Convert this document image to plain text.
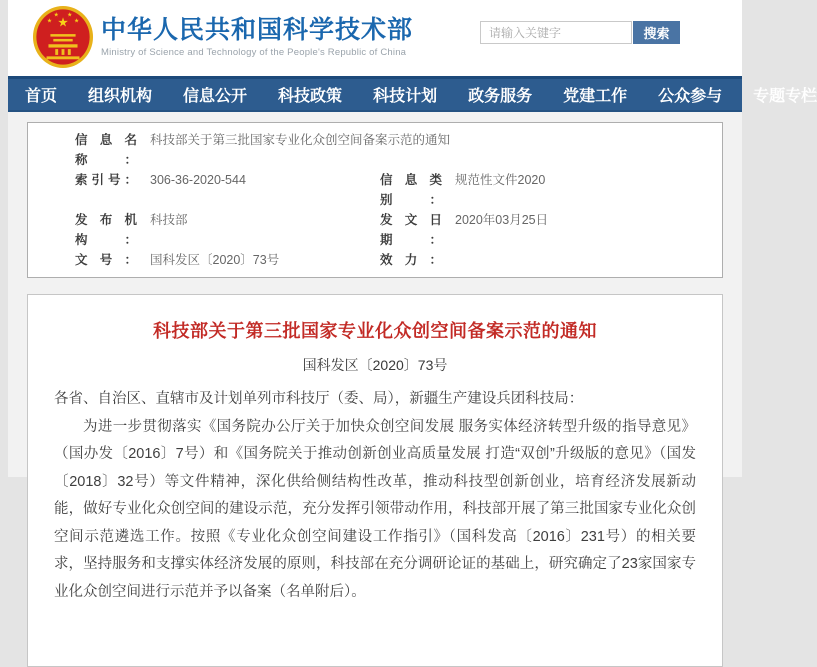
★
★
★ ★
★ 中华人民共和国科学技术部
Ministry of Science and Technology of the People's Republic of China
请输入关键字
搜索
首页 组织机构 信息公开 科技政策 科技计划 政务服务 党建工作 公众参与 专题专栏
信息名称：
科技部关于第三批国家专业化众创空间备案示范的通知
索引号：	306-36-2020-544	信息类别：
规范性文件2020
发布机构：
科技部	发文日期：
2020年03月25日
文号：	国科发区〔2020〕73号	效力：
科技部关于第三批国家专业化众创空间备案示范的通知
国科发区〔2020〕73号

各省、自治区、直辖市及计划单列市科技厅（委、局），新疆生产建设兵团科技局：

为进一步贯彻落实《国务院办公厅关于加快众创空间发展 服务实体经济转型升级的指导意见》（国办发〔2016〕7号）和《国务院关于推动创新创业高质量发展 打造“双创”升级版的意见》（国发〔2018〕32号）等文件精神，深化供给侧结构性改革，推动科技型创新创业，培育经济发展新动能，做好专业化众创空间的建设示范，充分发挥引领带动作用，科技部开展了第三批国家专业化众创空间示范遴选工作。按照《专业化众创空间建设工作指引》（国科发高〔2016〕231号）的相关要求，坚持服务和支撑实体经济发展的原则，科技部在充分调研论证的基础上，研究确定了23家国家专业化众创空间进行示范并予以备案（名单附后）。
